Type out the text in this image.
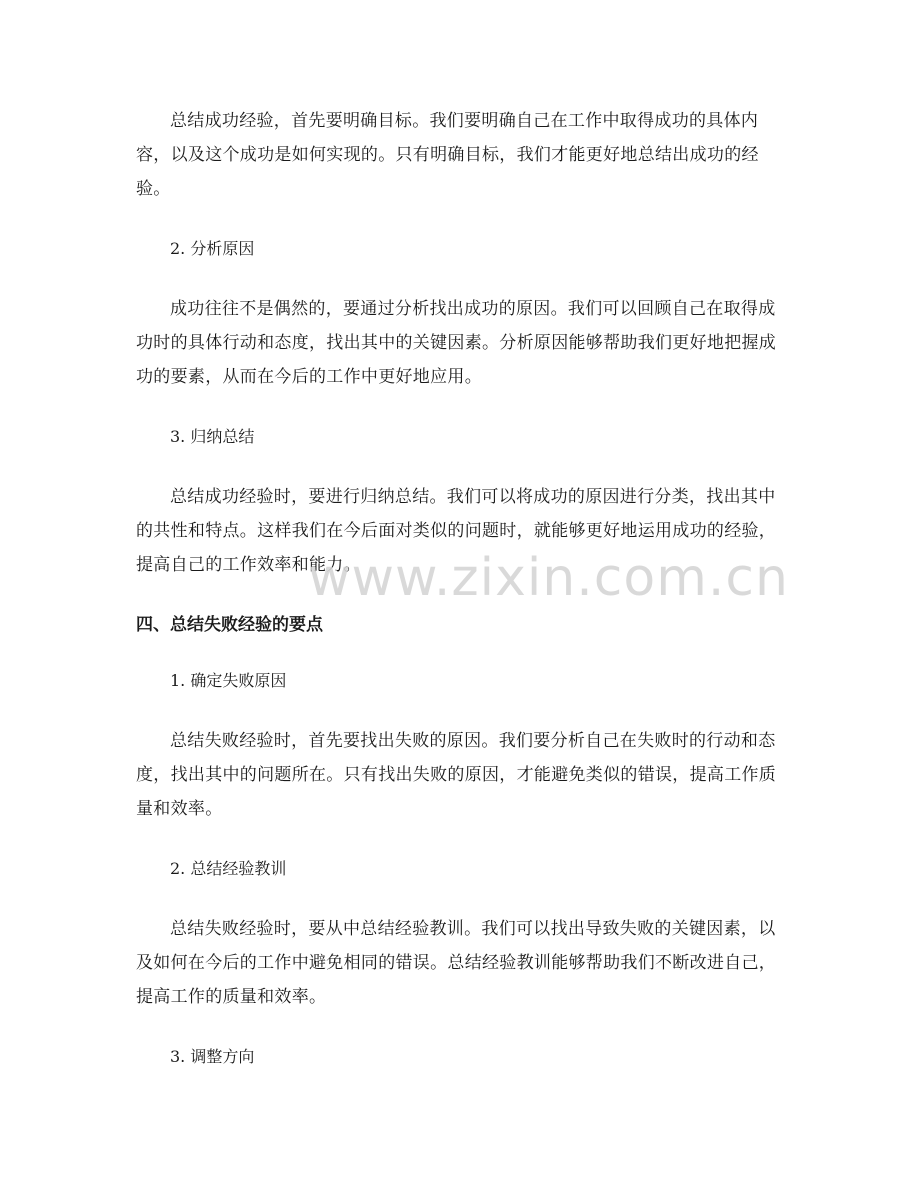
总结成功经验，首先要明确目标。我们要明确自己在工作中取得成功的具体内容，以及这个成功是如何实现的。只有明确目标，我们才能更好地总结出成功的经验。

2. 分析原因

成功往往不是偶然的，要通过分析找出成功的原因。我们可以回顾自己在取得成功时的具体行动和态度，找出其中的关键因素。分析原因能够帮助我们更好地把握成功的要素，从而在今后的工作中更好地应用。

3. 归纳总结

总结成功经验时，要进行归纳总结。我们可以将成功的原因进行分类，找出其中的共性和特点。这样我们在今后面对类似的问题时，就能够更好地运用成功的经验，提高自己的工作效率和能力。

四、总结失败经验的要点
1. 确定失败原因

总结失败经验时，首先要找出失败的原因。我们要分析自己在失败时的行动和态度，找出其中的问题所在。只有找出失败的原因，才能避免类似的错误，提高工作质量和效率。

2. 总结经验教训

总结失败经验时，要从中总结经验教训。我们可以找出导致失败的关键因素，以及如何在今后的工作中避免相同的错误。总结经验教训能够帮助我们不断改进自己，提高工作的质量和效率。

3. 调整方向
www.zixin.com.cn
